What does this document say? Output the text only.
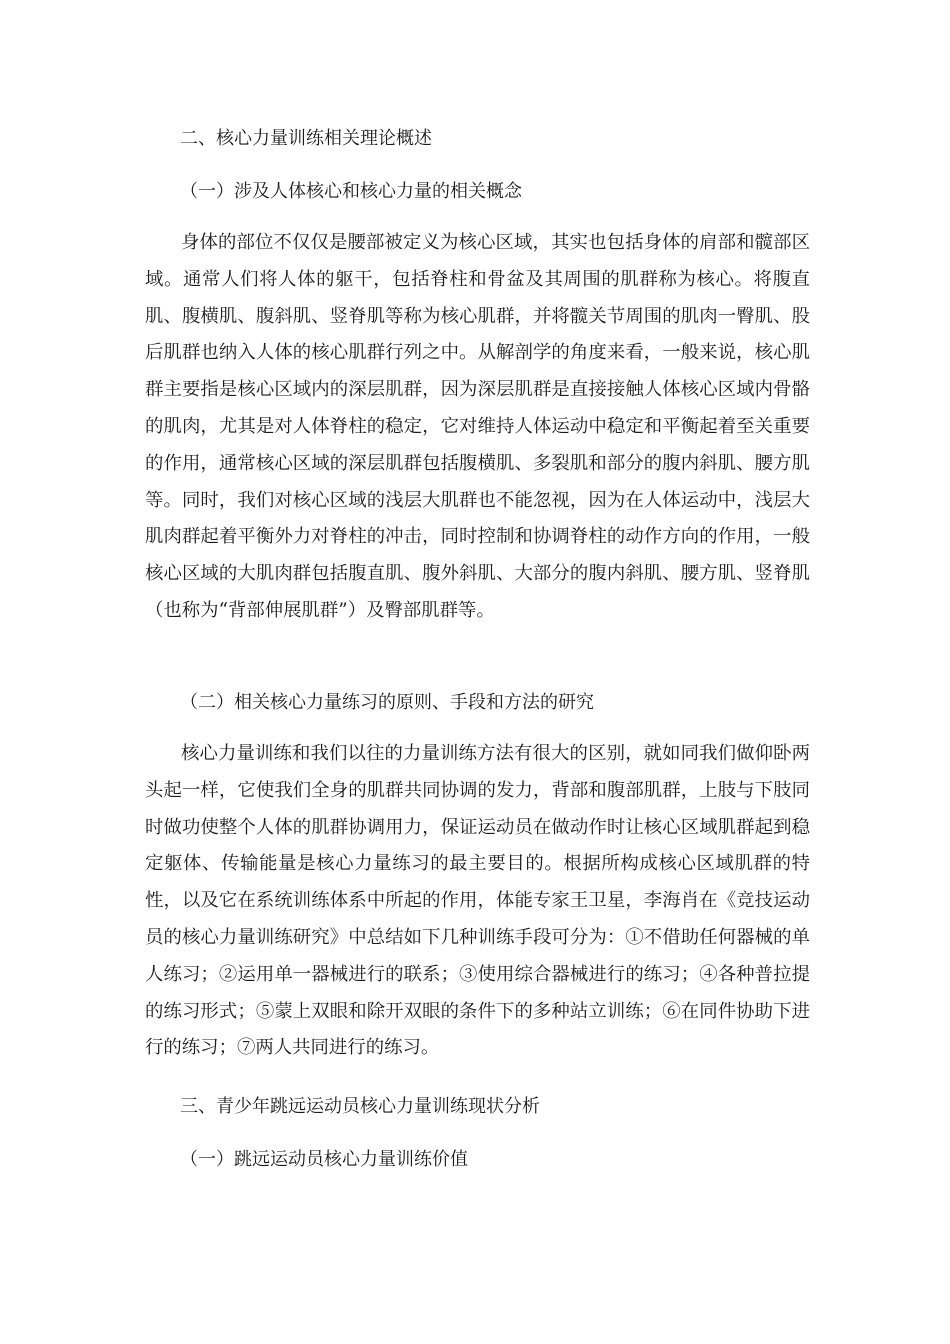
二、核心力量训练相关理论概述
（一）涉及人体核心和核心力量的相关概念

身体的部位不仅仅是腰部被定义为核心区域，其实也包括身体的肩部和髋部区域。通常人们将人体的躯干，包括脊柱和骨盆及其周围的肌群称为核心。将腹直肌、腹横肌、腹斜肌、竖脊肌等称为核心肌群，并将髋关节周围的肌肉一臀肌、股后肌群也纳入人体的核心肌群行列之中。从解剖学的角度来看，一般来说，核心肌群主要指是核心区域内的深层肌群，因为深层肌群是直接接触人体核心区域内骨骼的肌肉，尤其是对人体脊柱的稳定，它对维持人体运动中稳定和平衡起着至关重要的作用，通常核心区域的深层肌群包括腹横肌、多裂肌和部分的腹内斜肌、腰方肌等。同时，我们对核心区域的浅层大肌群也不能忽视，因为在人体运动中，浅层大肌肉群起着平衡外力对脊柱的冲击，同时控制和协调脊柱的动作方向的作用，一般核心区域的大肌肉群包括腹直肌、腹外斜肌、大部分的腹内斜肌、腰方肌、竖脊肌（也称为“背部伸展肌群”）及臀部肌群等。

（二）相关核心力量练习的原则、手段和方法的研究

核心力量训练和我们以往的力量训练方法有很大的区别，就如同我们做仰卧两头起一样，它使我们全身的肌群共同协调的发力，背部和腹部肌群，上肢与下肢同时做功使整个人体的肌群协调用力，保证运动员在做动作时让核心区域肌群起到稳定躯体、传输能量是核心力量练习的最主要目的。根据所构成核心区域肌群的特性，以及它在系统训练体系中所起的作用，体能专家王卫星，李海肖在《竞技运动员的核心力量训练研究》中总结如下几种训练手段可分为：①不借助任何器械的单人练习；②运用单一器械进行的联系；③使用综合器械进行的练习；④各种普拉提的练习形式；⑤蒙上双眼和除开双眼的条件下的多种站立训练；⑥在同件协助下进行的练习；⑦两人共同进行的练习。

三、青少年跳远运动员核心力量训练现状分析
（一）跳远运动员核心力量训练价值
